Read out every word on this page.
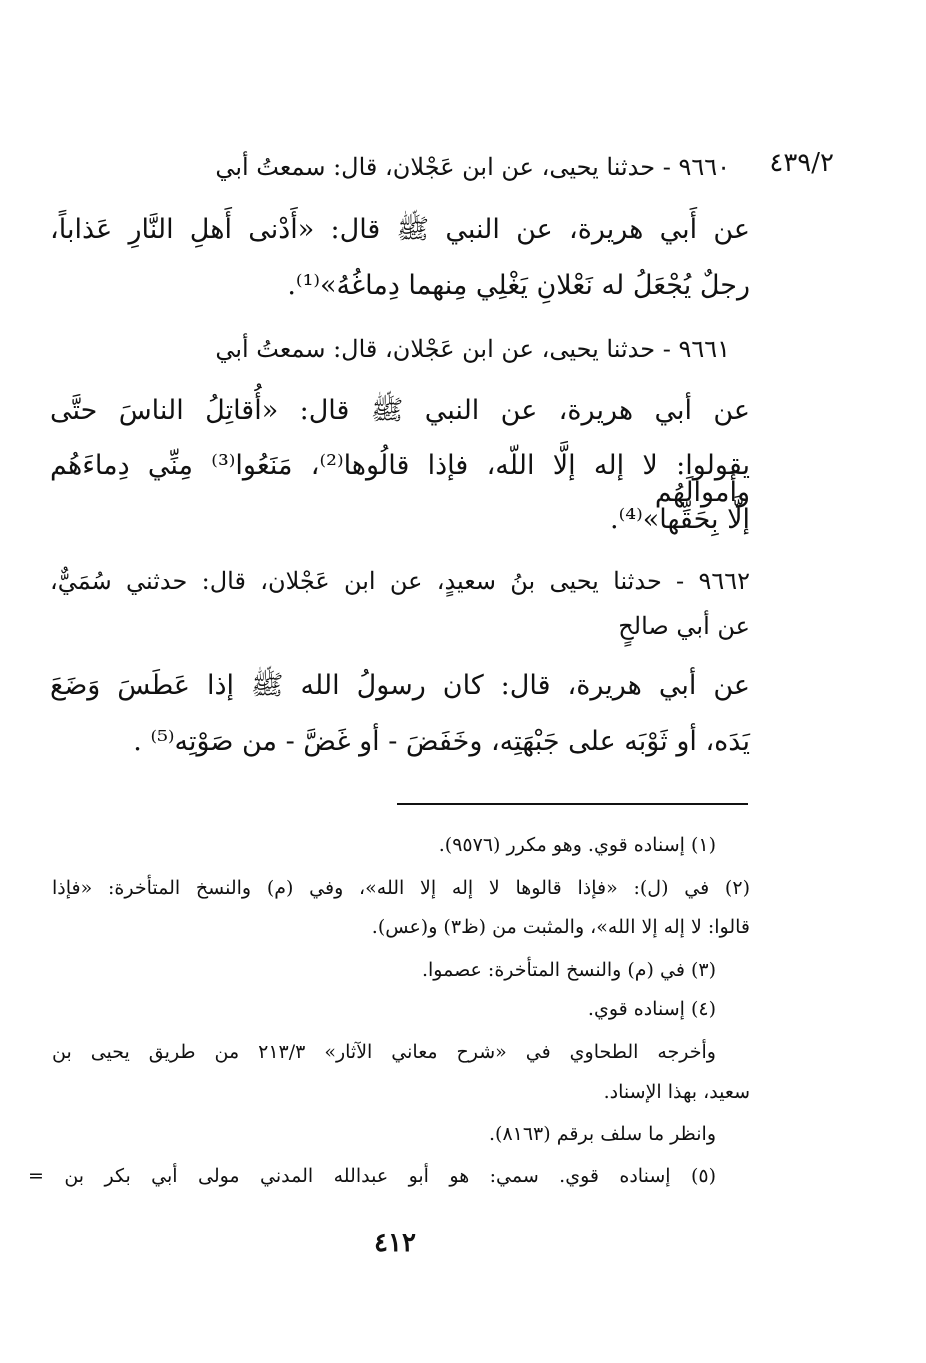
٤٣٩/٢
٩٦٦٠ - حدثنا يحيى، عن ابن عَجْلان، قال: سمعتُ أبي
عن أَبي هريرة، عن النبي ﷺ قال: «أَدْنى أَهلِ النَّارِ عَذاباً،
رجلٌ يُجْعَلُ له نَعْلانِ يَغْلِي مِنهما دِماغُهُ»⁽¹⁾.
٩٦٦١ - حدثنا يحيى، عن ابن عَجْلان، قال: سمعتُ أبي
عن أبي هريرة، عن النبي ﷺ قال: «أُقاتِلُ الناسَ حتَّى
يقولوا: لا إله إلَّا اللّه، فإذا قالُوها⁽²⁾، مَنَعُوا⁽³⁾ مِنِّي دِماءَهُم وأَموالَهُم
إلَّا بِحَقِّها»⁽⁴⁾.
٩٦٦٢ - حدثنا يحيى بنُ سعيدٍ، عن ابن عَجْلان، قال: حدثني سُمَيٌّ،
عن أبي صالحٍ
عن أبي هريرة، قال: كان رسولُ الله ﷺ إذا عَطَسَ وَضَعَ
يَدَه، أو ثَوْبَه على جَبْهَتِه، وخَفَضَ - أو غَضَّ - من صَوْتِه⁽⁵⁾ .
(١) إسناده قوي. وهو مكرر (٩٥٧٦).
(٢) في (ل): «فإذا قالوها لا إله إلا الله»، وفي (م) والنسخ المتأخرة: «فإذا
قالوا: لا إله إلا الله»، والمثبت من (ظ٣) و(عس).
(٣) في (م) والنسخ المتأخرة: عصموا.
(٤) إسناده قوي.
وأخرجه الطحاوي في «شرح معاني الآثار» ٢١٣/٣ من طريق يحيى بن
سعيد، بهذا الإسناد.
وانظر ما سلف برقم (٨١٦٣).
(٥) إسناده قوي. سمي: هو أبو عبدالله المدني مولى أبي بكر بن =
٤١٢
